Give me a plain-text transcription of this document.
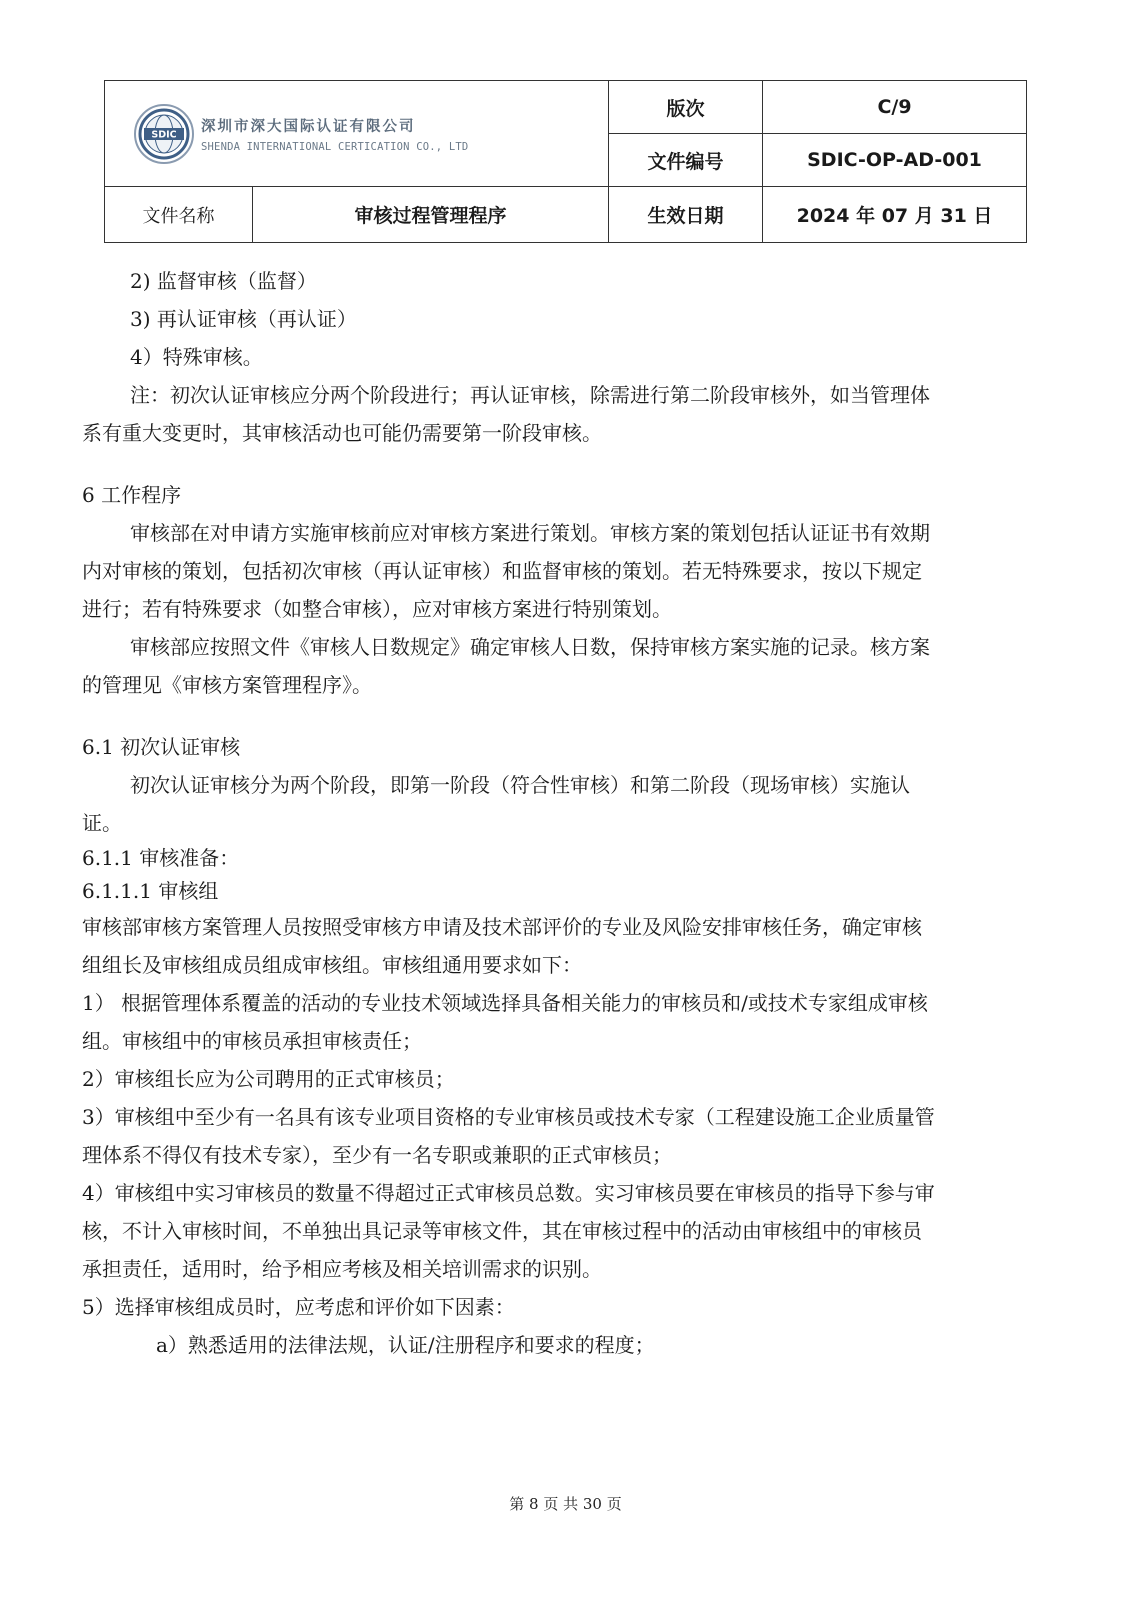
SDIC 深圳市深大国际认证有限公司
SHENDA INTERNATIONAL CERTICATION CO., LTD		版次	C/9
		文件编号	SDIC-OP-AD-001
文件名称	审核过程管理程序	生效日期	2024 年 07 月 31 日

2) 监督审核（监督）

3) 再认证审核（再认证）

4）特殊审核。

注：初次认证审核应分两个阶段进行；再认证审核，除需进行第二阶段审核外，如当管理体

系有重大变更时，其审核活动也可能仍需要第一阶段审核。

6 工作程序

审核部在对申请方实施审核前应对审核方案进行策划。审核方案的策划包括认证证书有效期

内对审核的策划，包括初次审核（再认证审核）和监督审核的策划。若无特殊要求，按以下规定

进行；若有特殊要求（如整合审核），应对审核方案进行特别策划。

审核部应按照文件《审核人日数规定》确定审核人日数，保持审核方案实施的记录。核方案

的管理见《审核方案管理程序》。

6.1 初次认证审核

初次认证审核分为两个阶段，即第一阶段（符合性审核）和第二阶段（现场审核）实施认

证。

6.1.1 审核准备：

6.1.1.1 审核组

审核部审核方案管理人员按照受审核方申请及技术部评价的专业及风险安排审核任务，确定审核

组组长及审核组成员组成审核组。审核组通用要求如下：

1） 根据管理体系覆盖的活动的专业技术领域选择具备相关能力的审核员和/或技术专家组成审核

组。审核组中的审核员承担审核责任；

2）审核组长应为公司聘用的正式审核员；

3）审核组中至少有一名具有该专业项目资格的专业审核员或技术专家（工程建设施工企业质量管

理体系不得仅有技术专家），至少有一名专职或兼职的正式审核员；

4）审核组中实习审核员的数量不得超过正式审核员总数。实习审核员要在审核员的指导下参与审

核，不计入审核时间，不单独出具记录等审核文件，其在审核过程中的活动由审核组中的审核员

承担责任，适用时，给予相应考核及相关培训需求的识别。

5）选择审核组成员时，应考虑和评价如下因素：

a）熟悉适用的法律法规，认证/注册程序和要求的程度；

第 8 页 共 30 页
